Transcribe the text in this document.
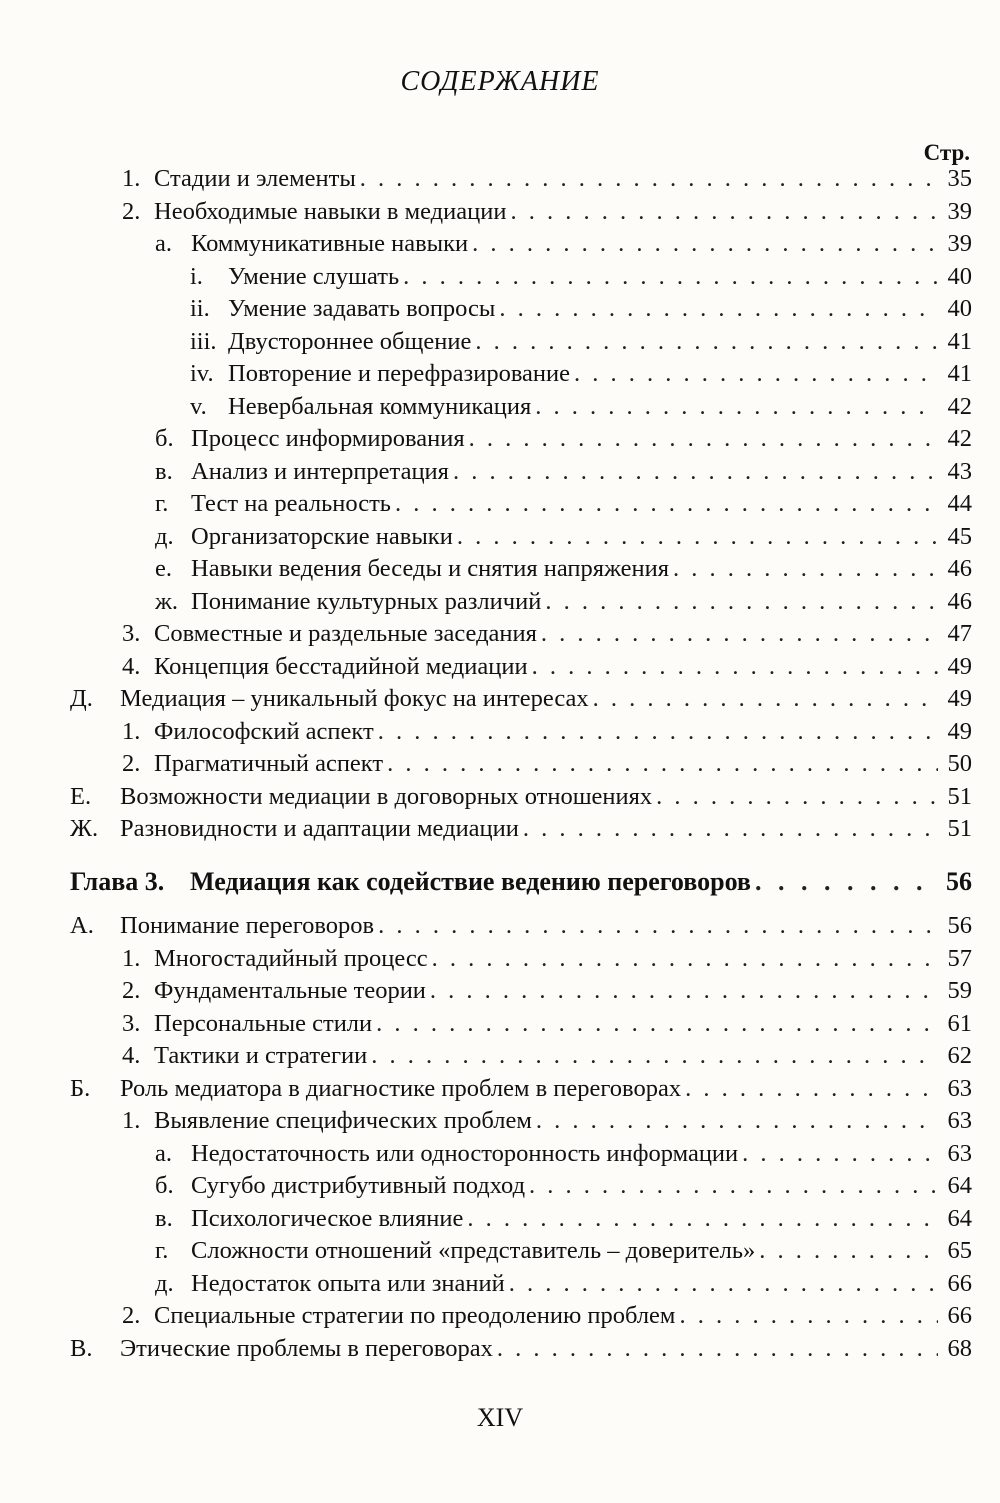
СОДЕРЖАНИЕ
Стр.
1. Стадии и элементы . . .	35
2. Необходимые навыки в медиации . . .	39
а. Коммуникативные навыки . . .	39
i.	Умение слушать . . .	40
ii. Умение задавать вопросы . . .	40
iii. Двустороннее общение . . .	41
iv. Повторение и перефразирование . . .	41
v. Невербальная коммуникация . . .	42
б. Процесс информирования . . .	42
в. Анализ и интерпретация . . .	43
г. Тест на реальность . . .	44
д. Организаторские навыки . . .	45
е. Навыки ведения беседы и снятия напряжения . . .	46
ж. Понимание культурных различий . . .	46
3. Совместные и раздельные заседания . . .	47
4. Концепция бесстадийной медиации . . .	49
Д.	Медиация – уникальный фокус на интересах . . .	49
1. Философский аспект . . .	49
2. Прагматичный аспект . . .	50
Е.	Возможности медиации в договорных отношениях . . .	51
Ж. Разновидности и адаптации медиации . . .	51
Глава 3. Медиация как содействие ведению переговоров . . .	56
А.	Понимание переговоров . . .	56
1. Многостадийный процесс . . .	57
2. Фундаментальные теории . . .	59
3. Персональные стили . . .	61
4. Тактики и стратегии . . .	62
Б.	Роль медиатора в диагностике проблем в переговорах . . .	63
1. Выявление специфических проблем . . .	63
а. Недостаточность или односторонность информации . . .	63
б. Сугубо дистрибутивный подход . . .	64
в. Психологическое влияние . . .	64
г. Сложности отношений «представитель – доверитель» . . .	65
д. Недостаток опыта или знаний . . .	66
2. Специальные стратегии по преодолению проблем . . .	66
В.	Этические проблемы в переговорах . . .	68
XIV
